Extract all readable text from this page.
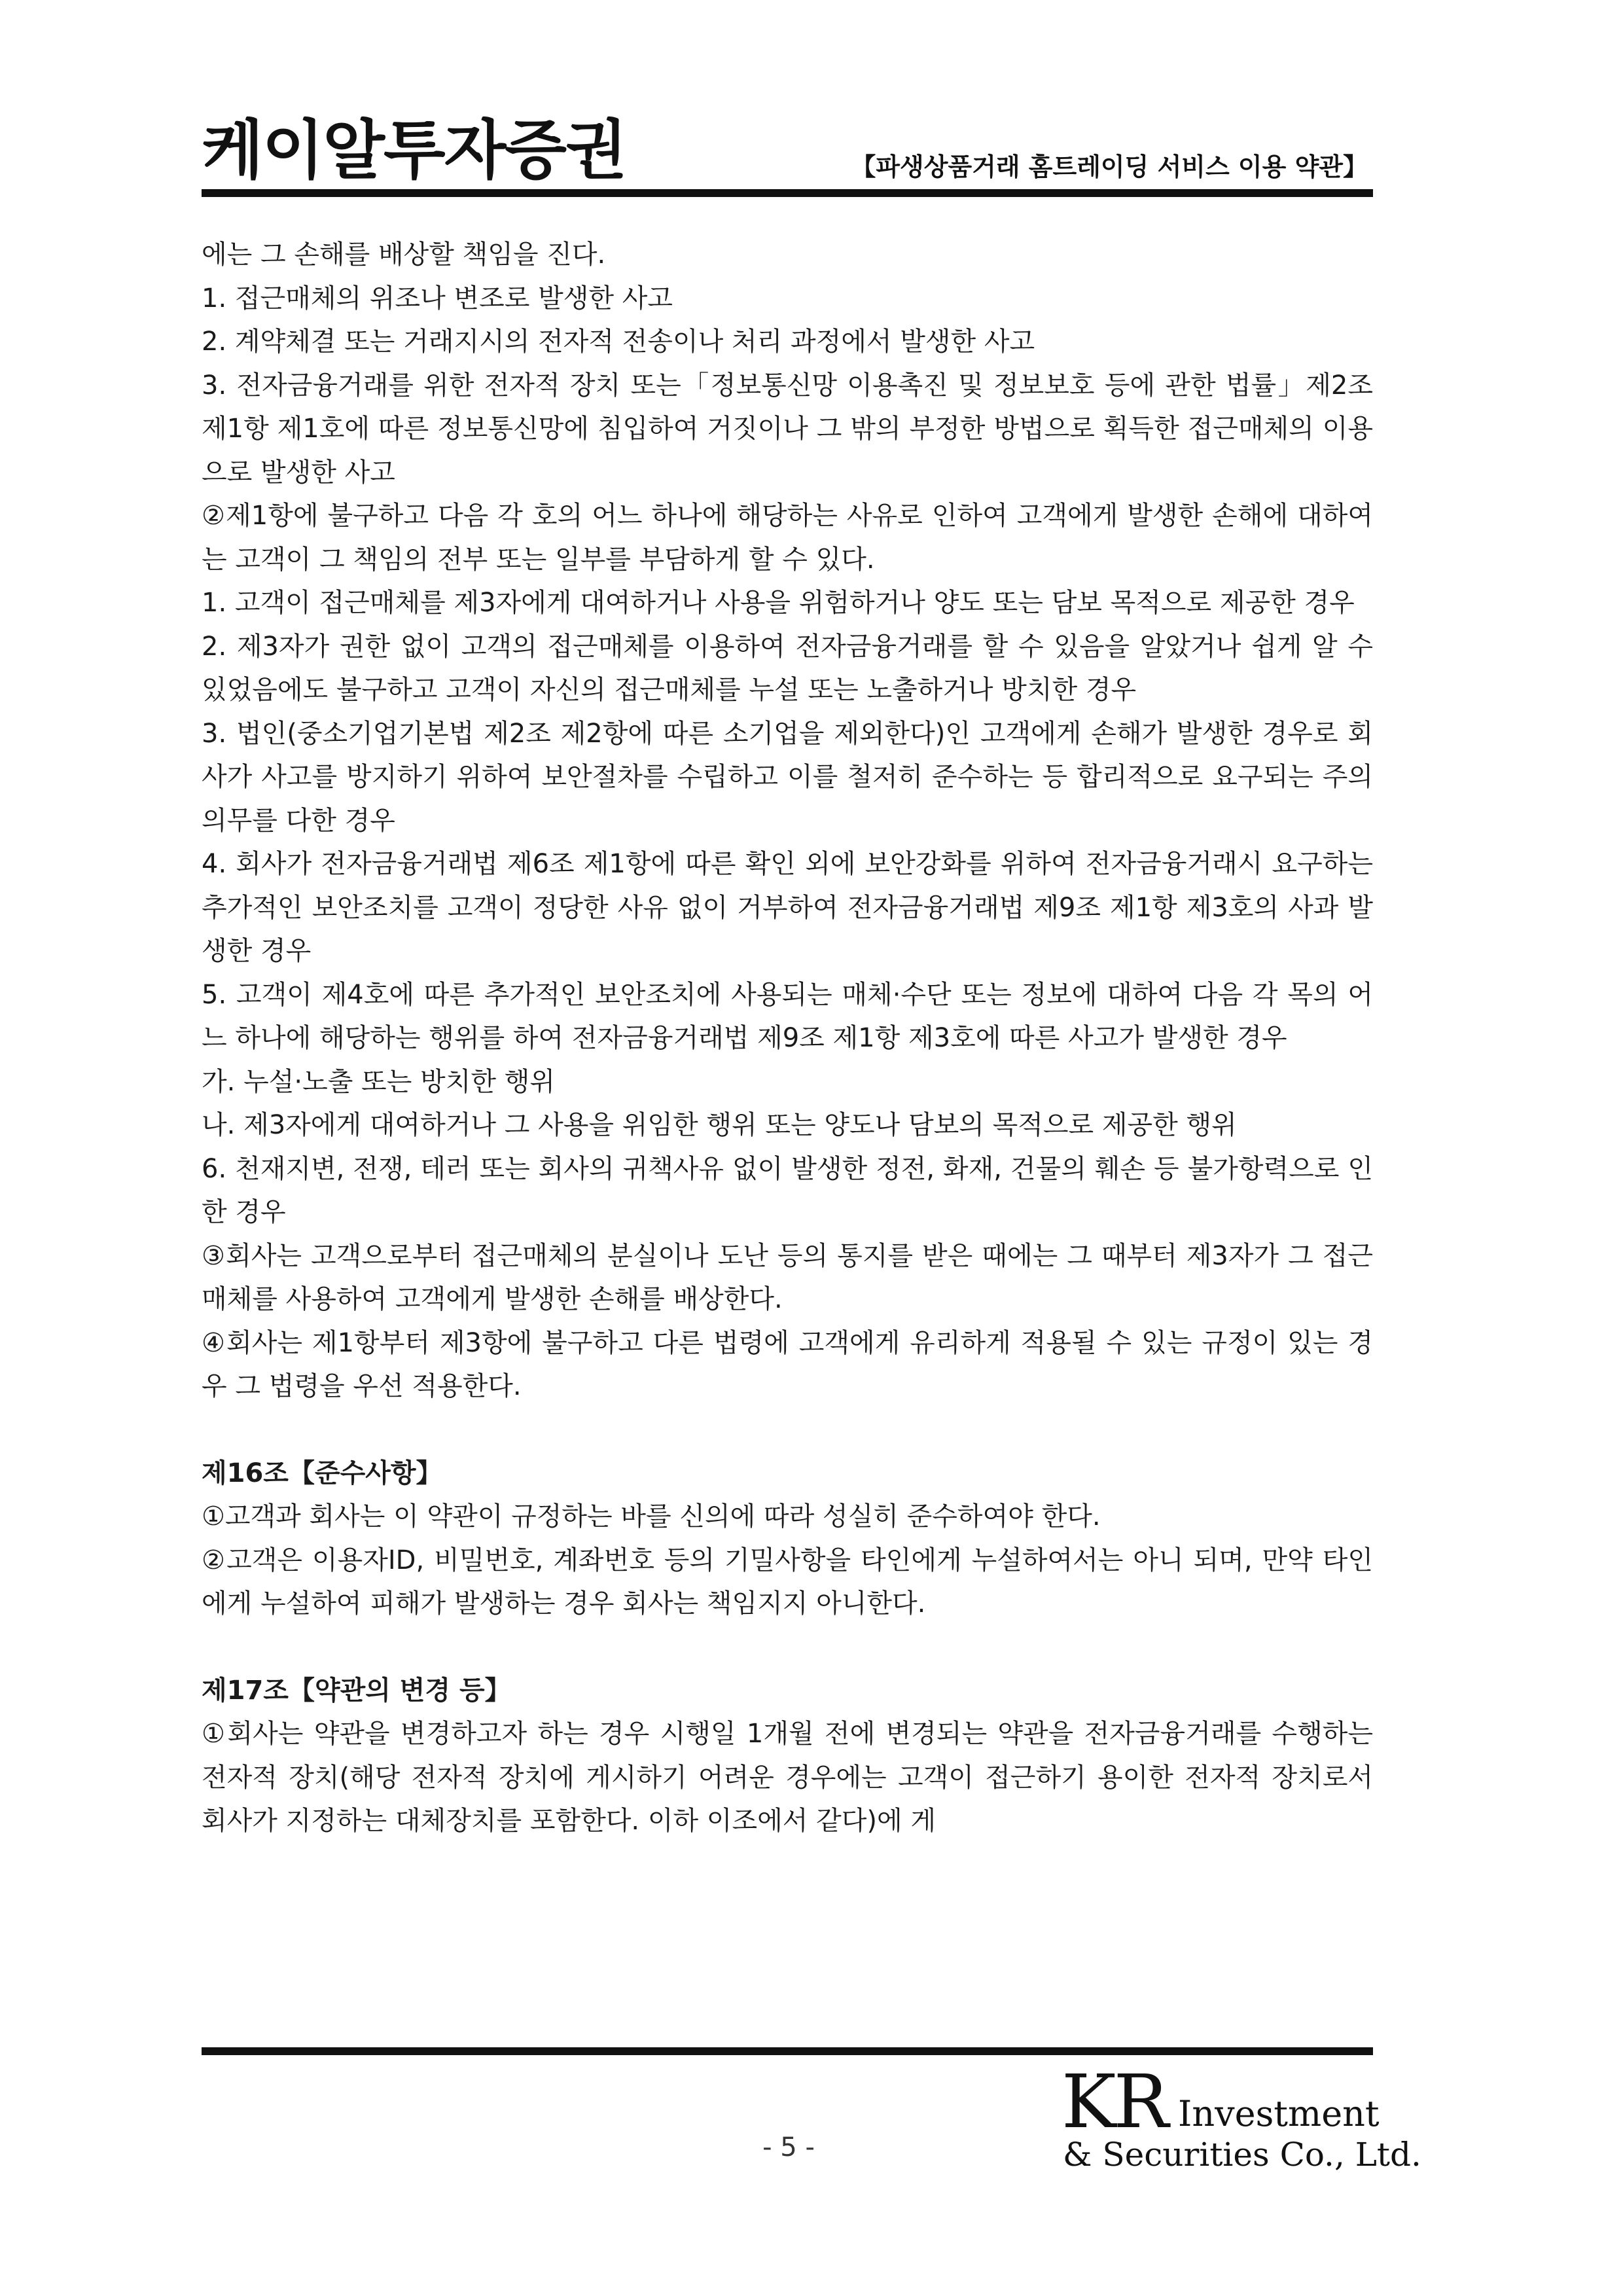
케이알투자증권	【파생상품거래 홈트레이딩 서비스 이용 약관】

에는 그 손해를 배상할 책임을 진다.

1. 접근매체의 위조나 변조로 발생한 사고

2. 계약체결 또는 거래지시의 전자적 전송이나 처리 과정에서 발생한 사고

3. 전자금융거래를 위한 전자적 장치 또는「정보통신망 이용촉진 및 정보보호 등에 관한 법률」제2조 제1항 제1호에 따른 정보통신망에 침입하여 거짓이나 그 밖의 부정한 방법으로 획득한 접근매체의 이용으로 발생한 사고

②제1항에 불구하고 다음 각 호의 어느 하나에 해당하는 사유로 인하여 고객에게 발생한 손해에 대하여는 고객이 그 책임의 전부 또는 일부를 부담하게 할 수 있다.

1. 고객이 접근매체를 제3자에게 대여하거나 사용을 위험하거나 양도 또는 담보 목적으로 제공한 경우

2. 제3자가 권한 없이 고객의 접근매체를 이용하여 전자금융거래를 할 수 있음을 알았거나 쉽게 알 수 있었음에도 불구하고 고객이 자신의 접근매체를 누설 또는 노출하거나 방치한 경우

3. 법인(중소기업기본법 제2조 제2항에 따른 소기업을 제외한다)인 고객에게 손해가 발생한 경우로 회사가 사고를 방지하기 위하여 보안절차를 수립하고 이를 철저히 준수하는 등 합리적으로 요구되는 주의의무를 다한 경우

4. 회사가 전자금융거래법 제6조 제1항에 따른 확인 외에 보안강화를 위하여 전자금융거래시 요구하는 추가적인 보안조치를 고객이 정당한 사유 없이 거부하여 전자금융거래법 제9조 제1항 제3호의 사과 발생한 경우

5. 고객이 제4호에 따른 추가적인 보안조치에 사용되는 매체·수단 또는 정보에 대하여 다음 각 목의 어느 하나에 해당하는 행위를 하여 전자금융거래법 제9조 제1항 제3호에 따른 사고가 발생한 경우

가. 누설·노출 또는 방치한 행위

나. 제3자에게 대여하거나 그 사용을 위임한 행위 또는 양도나 담보의 목적으로 제공한 행위

6. 천재지변, 전쟁, 테러 또는 회사의 귀책사유 없이 발생한 정전, 화재, 건물의 훼손 등 불가항력으로 인한 경우

③회사는 고객으로부터 접근매체의 분실이나 도난 등의 통지를 받은 때에는 그 때부터 제3자가 그 접근매체를 사용하여 고객에게 발생한 손해를 배상한다.

④회사는 제1항부터 제3항에 불구하고 다른 법령에 고객에게 유리하게 적용될 수 있는 규정이 있는 경우 그 법령을 우선 적용한다.

제16조【준수사항】

①고객과 회사는 이 약관이 규정하는 바를 신의에 따라 성실히 준수하여야 한다.

②고객은 이용자ID, 비밀번호, 계좌번호 등의 기밀사항을 타인에게 누설하여서는 아니 되며, 만약 타인에게 누설하여 피해가 발생하는 경우 회사는 책임지지 아니한다.

제17조【약관의 변경 등】

①회사는 약관을 변경하고자 하는 경우 시행일 1개월 전에 변경되는 약관을 전자금융거래를 수행하는 전자적 장치(해당 전자적 장치에 게시하기 어려운 경우에는 고객이 접근하기 용이한 전자적 장치로서 회사가 지정하는 대체장치를 포함한다. 이하 이조에서 같다)에 게

- 5 -
KR Investment
& Securities Co., Ltd.
